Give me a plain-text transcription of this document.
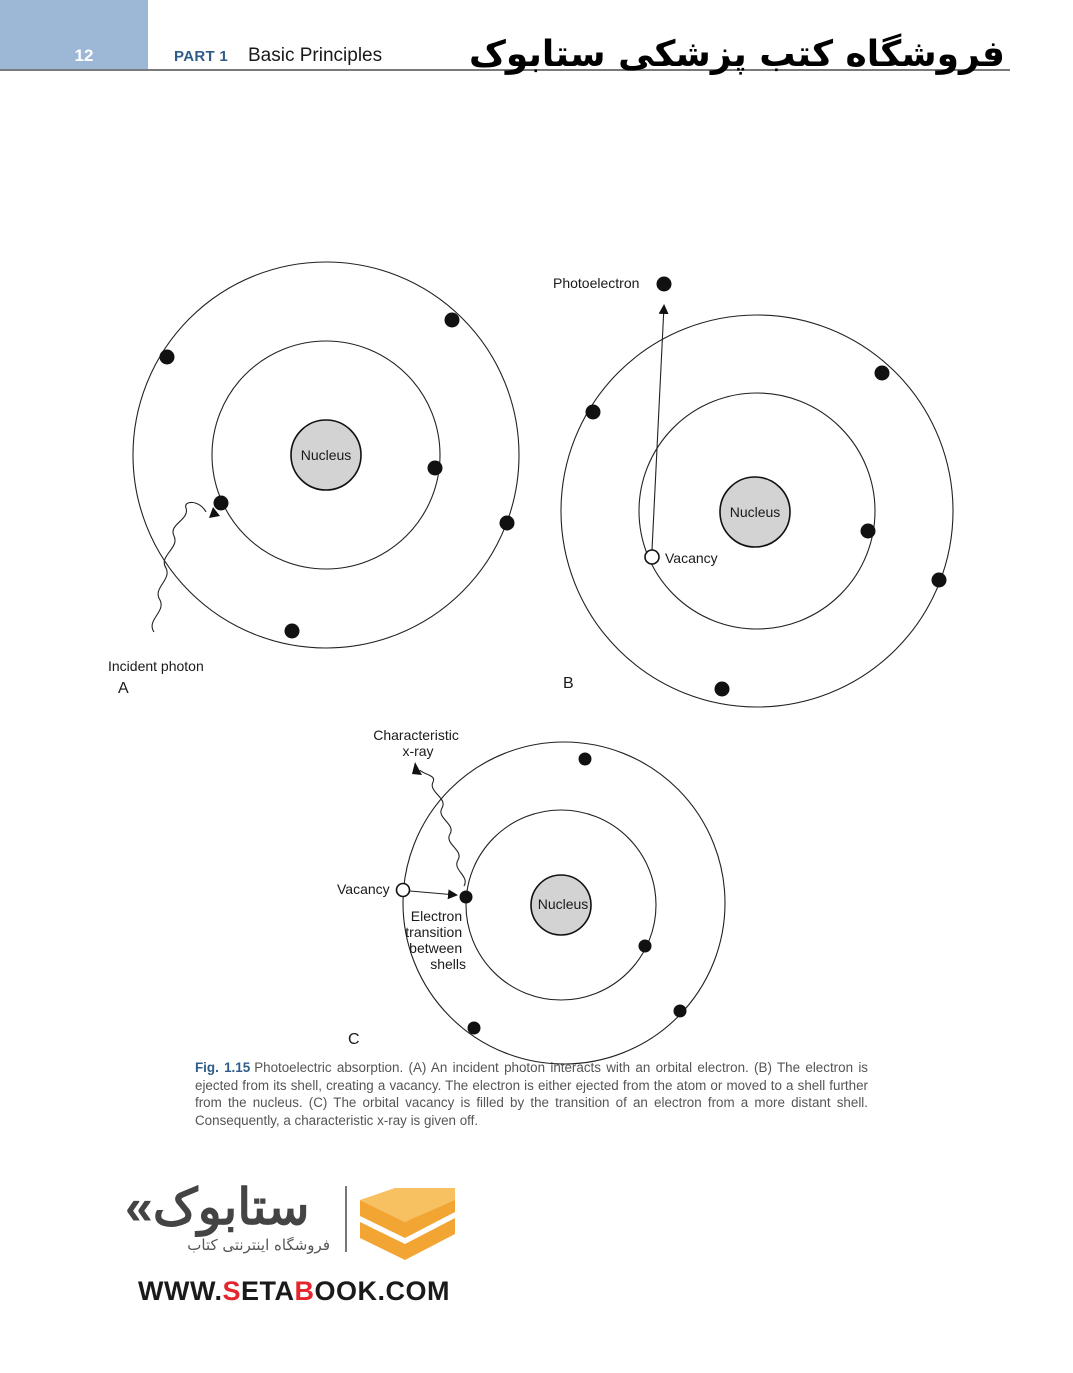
12	PART 1 Basic Principles فروشگاه کتب پزشکی ستابوک
Nucleus
Incident photon
A
Nucleus
Photoelectron
Vacancy
B
Nucleus
Characteristic x-ray
Vacancy
Electron transition between shells
C
Fig. 1.15 Photoelectric absorption. (A) An incident photon interacts with an orbital electron. (B) The electron is ejected from its shell, creating a vacancy. The electron is either ejected from the atom or moved to a shell further from the nucleus. (C) The orbital vacancy is filled by the transition of an electron from a more distant shell. Consequently, a characteristic x-ray is given off.
«ستابوک
فروشگاه اینترنتی کتاب
WWW.SETABOOK.COM
